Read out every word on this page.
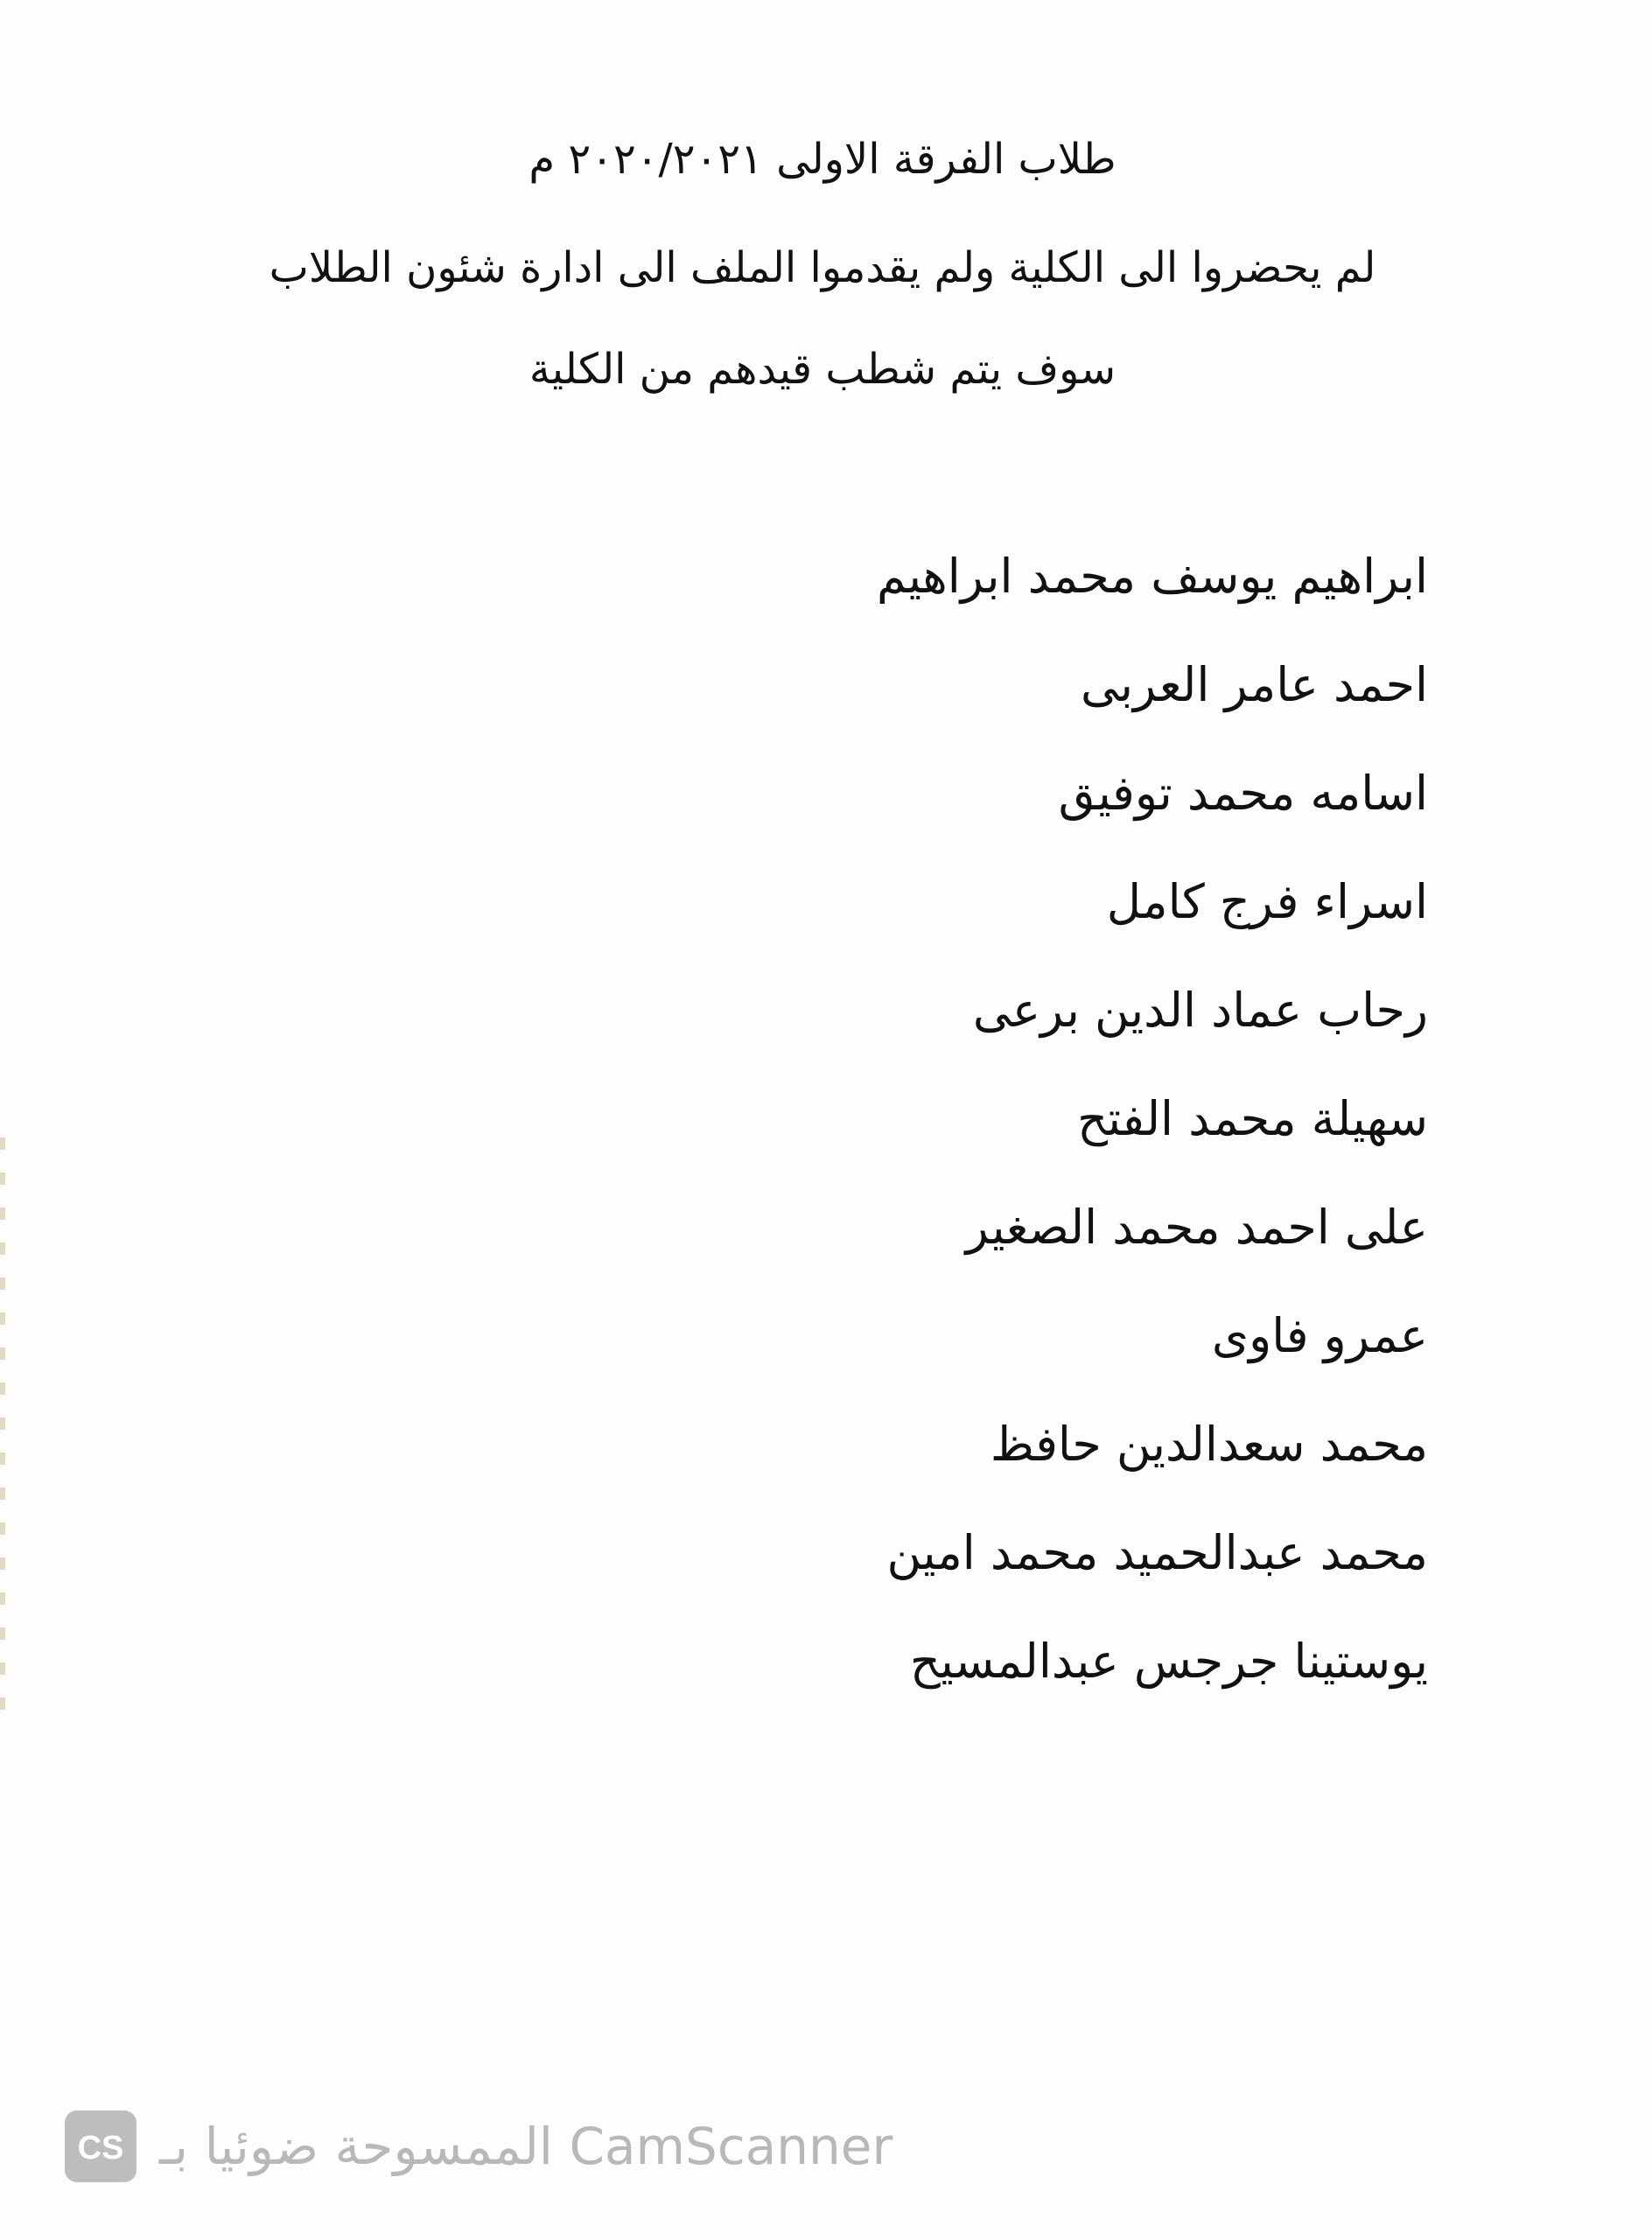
طلاب الفرقة الاولى ٢٠٢٠/٢٠٢١ م
لم يحضروا الى الكلية ولم يقدموا الملف الى ادارة شئون الطلاب
سوف يتم شطب قيدهم من الكلية
ابراهيم يوسف محمد ابراهيم
احمد عامر العربى
اسامه محمد توفيق
اسراء فرج كامل
رحاب عماد الدين برعى
سهيلة محمد الفتح
على احمد محمد الصغير
عمرو فاوى
محمد سعدالدين حافظ
محمد عبدالحميد محمد امين
يوستينا جرجس عبدالمسيح
CS الممسوحة ضوئيا بـ CamScanner
